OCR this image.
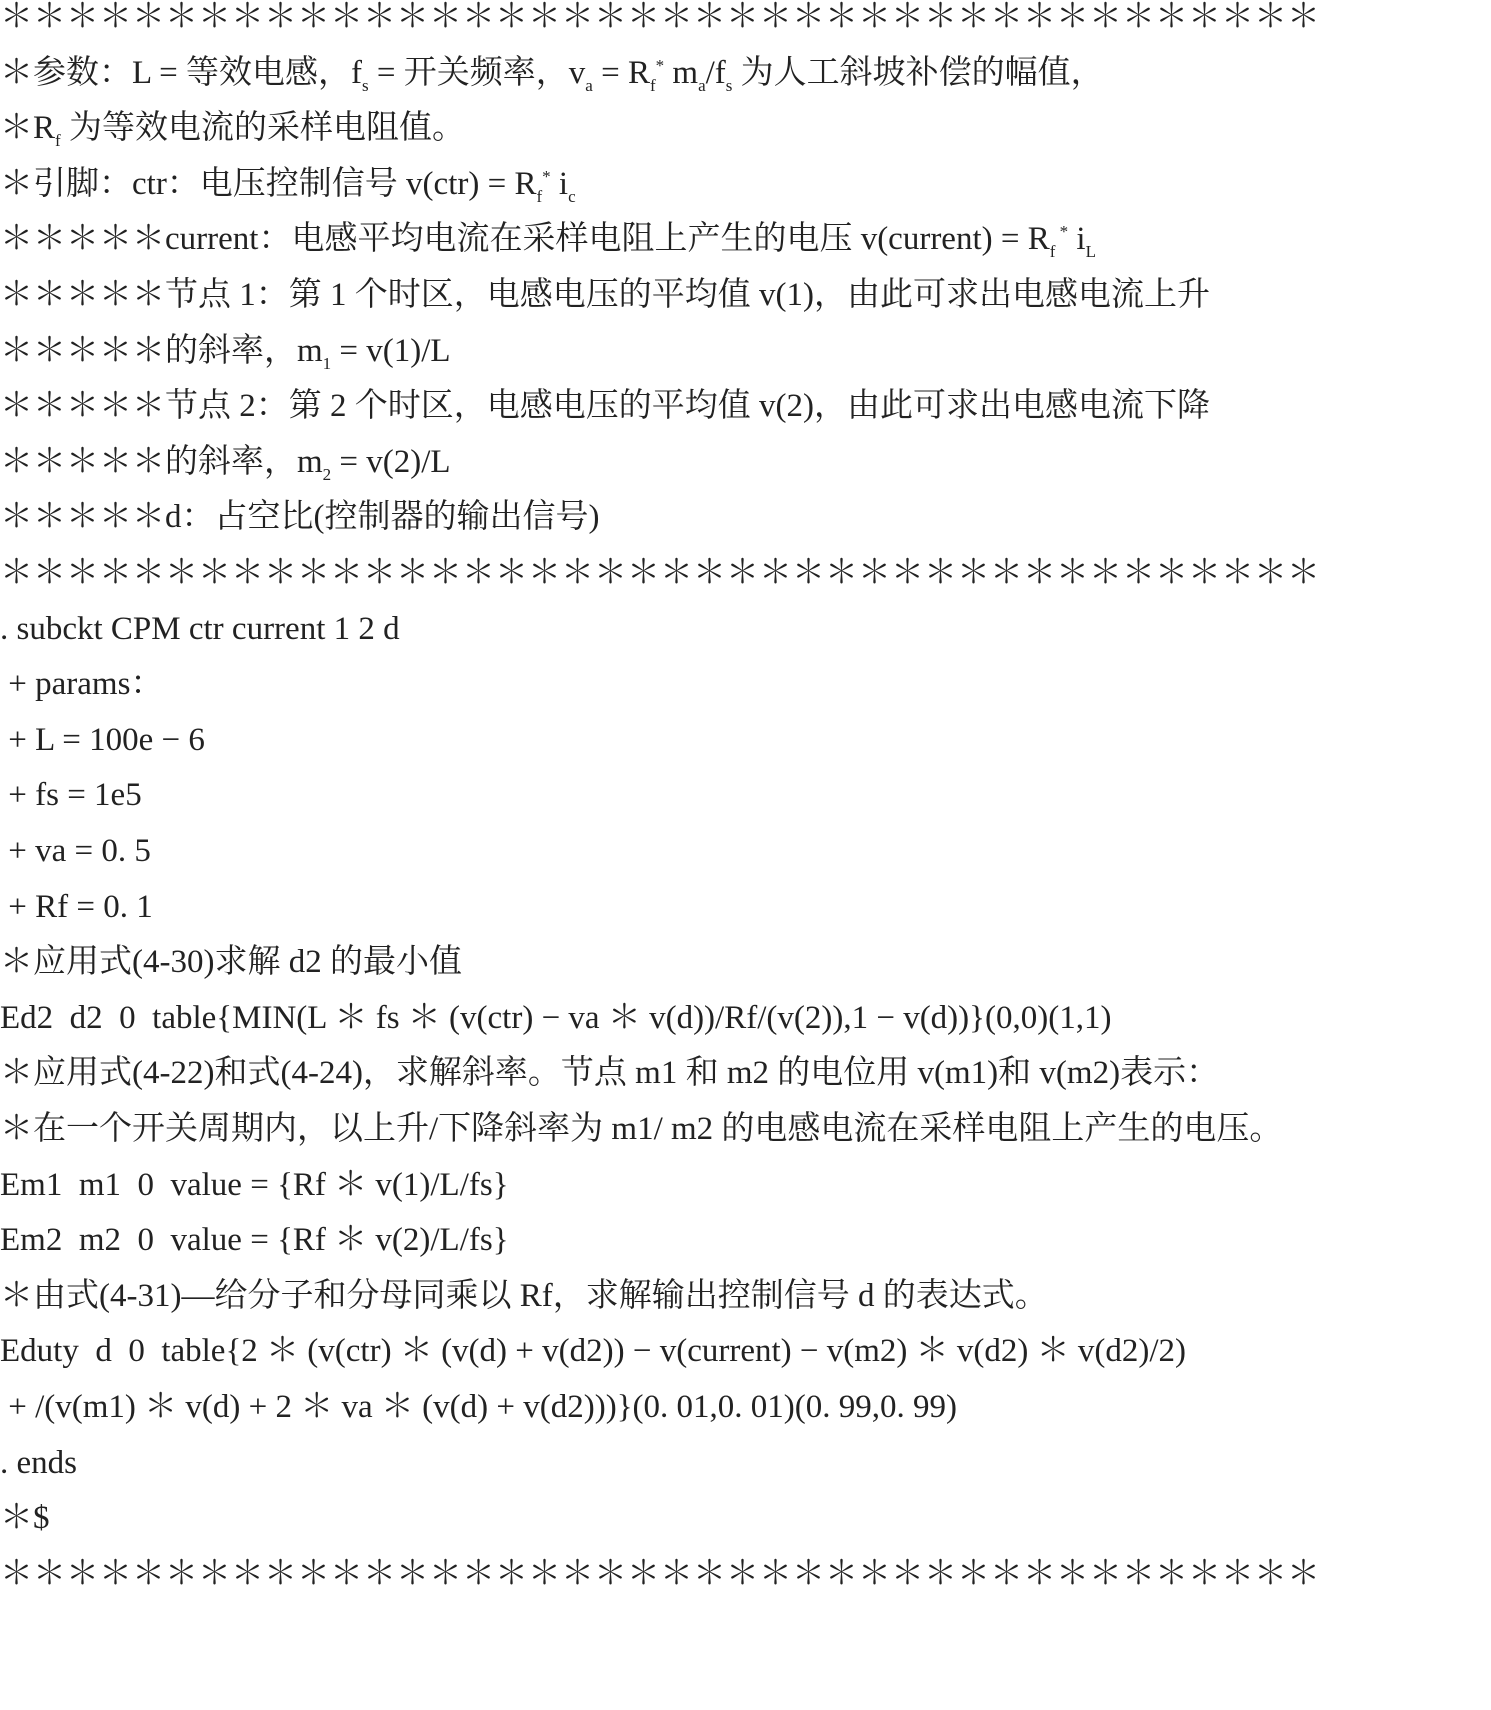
＊＊＊＊＊＊＊＊＊＊＊＊＊＊＊＊＊＊＊＊＊＊＊＊＊＊＊＊＊＊＊＊＊＊＊＊＊＊＊＊
＊参数：L = 等效电感，$f_s$ = 开关频率，$v_a = R_f^*$ $m_a/f_s$ 为人工斜坡补偿的幅值，
$*R_f$ 为等效电流的采样电阻值。
＊引脚：ctr：电压控制信号 $v(ctr) = R_f^*$ $i_c$
＊＊＊＊＊current：电感平均电流在采样电阻上产生的电压 v(current) = $R_f$ * $i_L$
＊＊＊＊＊节点 1：第 1 个时区，电感电压的平均值 v(1)，由此可求出电感电流上升
＊＊＊＊＊的斜率，$m_1 = v(1)/L$
＊＊＊＊＊节点 2：第 2 个时区，电感电压的平均值 v(2)，由此可求出电感电流下降
＊＊＊＊＊的斜率，$m_2 = v(2)/L$
＊＊＊＊＊d：占空比(控制器的输出信号)
＊＊＊＊＊＊＊＊＊＊＊＊＊＊＊＊＊＊＊＊＊＊＊＊＊＊＊＊＊＊＊＊＊＊＊＊＊＊＊＊
. subckt CPM ctr current 1 2 d
+ params：
+ L = 100e − 6
+ fs = 1e5
+ va = 0. 5
+ Rf = 0. 1
＊应用式(4-30)求解 d2 的最小值
Ed2  d2  0  table{MIN(L ＊ fs ＊ (v(ctr) − va ＊ v(d))/Rf/(v(2)),1 − v(d))}(0,0)(1,1)
＊应用式(4-22)和式(4-24)，求解斜率。节点 m1 和 m2 的电位用 v(m1)和 v(m2)表示：
＊在一个开关周期内，以上升/下降斜率为 m1/ m2 的电感电流在采样电阻上产生的电压。
Em1  m1  0  value = {Rf ＊ v(1)/L/fs}
Em2  m2  0  value = {Rf ＊ v(2)/L/fs}
＊由式(4-31)—给分子和分母同乘以 Rf，求解输出控制信号 d 的表达式。
Eduty  d  0  table{2 ＊ (v(ctr) ＊ (v(d) + v(d2)) − v(current) − v(m2) ＊ v(d2) ＊ v(d2)/2)
+ /(v(m1) ＊ v(d) + 2 ＊ va ＊ (v(d) + v(d2)))}(0. 01,0. 01)(0. 99,0. 99)
. ends
＊$
＊＊＊＊＊＊＊＊＊＊＊＊＊＊＊＊＊＊＊＊＊＊＊＊＊＊＊＊＊＊＊＊＊＊＊＊＊＊＊＊
